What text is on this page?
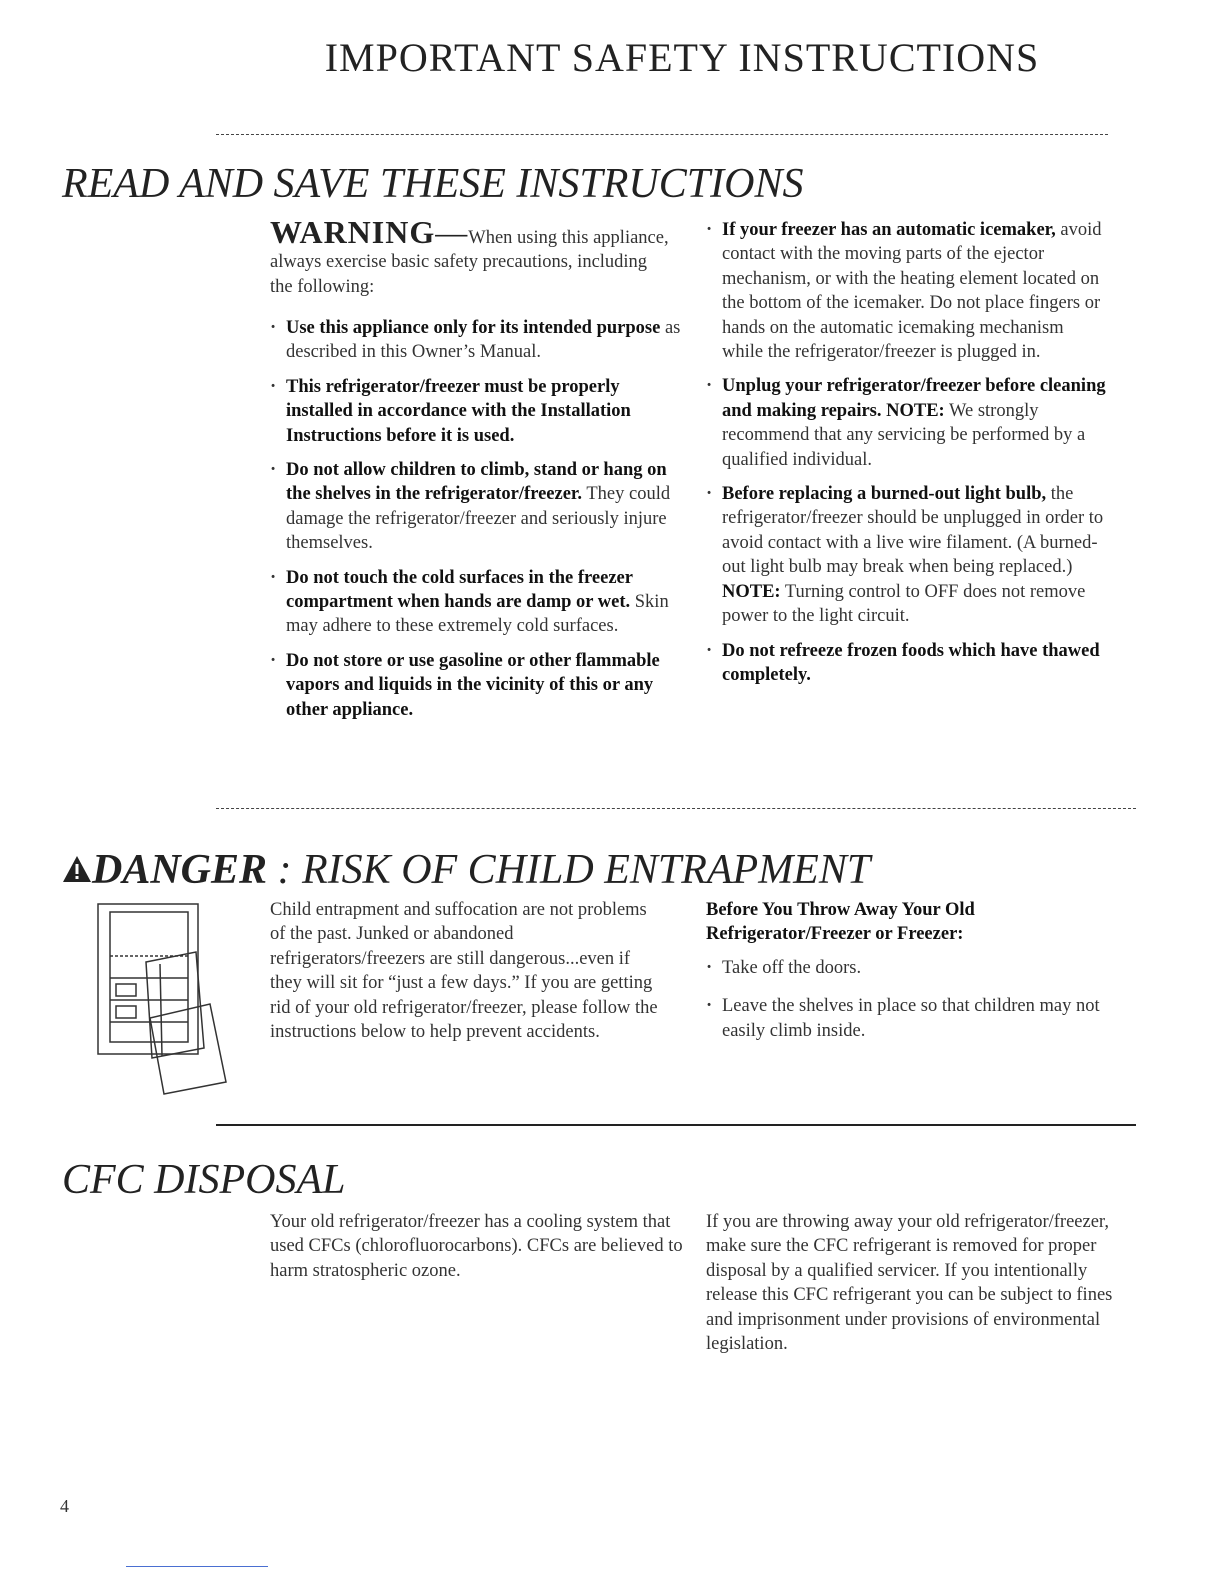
IMPORTANT SAFETY INSTRUCTIONS
READ AND SAVE THESE INSTRUCTIONS
WARNING—When using this appliance, always exercise basic safety precautions, including the following:
· Use this appliance only for its intended purpose as described in this Owner’s Manual.
· This refrigerator/freezer must be properly installed in accordance with the Installation Instructions before it is used.
· Do not allow children to climb, stand or hang on the shelves in the refrigerator/freezer. They could damage the refrigerator/freezer and seriously injure themselves.
· Do not touch the cold surfaces in the freezer compartment when hands are damp or wet. Skin may adhere to these extremely cold surfaces.
· Do not store or use gasoline or other flammable vapors and liquids in the vicinity of this or any other appliance.
· If your freezer has an automatic icemaker, avoid contact with the moving parts of the ejector mechanism, or with the heating element located on the bottom of the icemaker. Do not place fingers or hands on the automatic icemaking mechanism while the refrigerator/freezer is plugged in.
· Unplug your refrigerator/freezer before cleaning and making repairs. NOTE: We strongly recommend that any servicing be performed by a qualified individual.
· Before replacing a burned-out light bulb, the refrigerator/freezer should be unplugged in order to avoid contact with a live wire filament. (A burned-out light bulb may break when being replaced.) NOTE: Turning control to OFF does not remove power to the light circuit.
· Do not refreeze frozen foods which have thawed completely.
DANGER : RISK OF CHILD ENTRAPMENT
Child entrapment and suffocation are not problems of the past. Junked or abandoned refrigerators/freezers are still dangerous...even if they will sit for “just a few days.” If you are getting rid of your old refrigerator/freezer, please follow the instructions below to help prevent accidents.
Before You Throw Away Your Old Refrigerator/Freezer or Freezer:
· Take off the doors.
· Leave the shelves in place so that children may not easily climb inside.
CFC DISPOSAL
Your old refrigerator/freezer has a cooling system that used CFCs (chlorofluorocarbons). CFCs are believed to harm stratospheric ozone.
If you are throwing away your old refrigerator/freezer, make sure the CFC refrigerant is removed for proper disposal by a qualified servicer. If you intentionally release this CFC refrigerant you can be subject to fines and imprisonment under provisions of environmental legislation.
4
